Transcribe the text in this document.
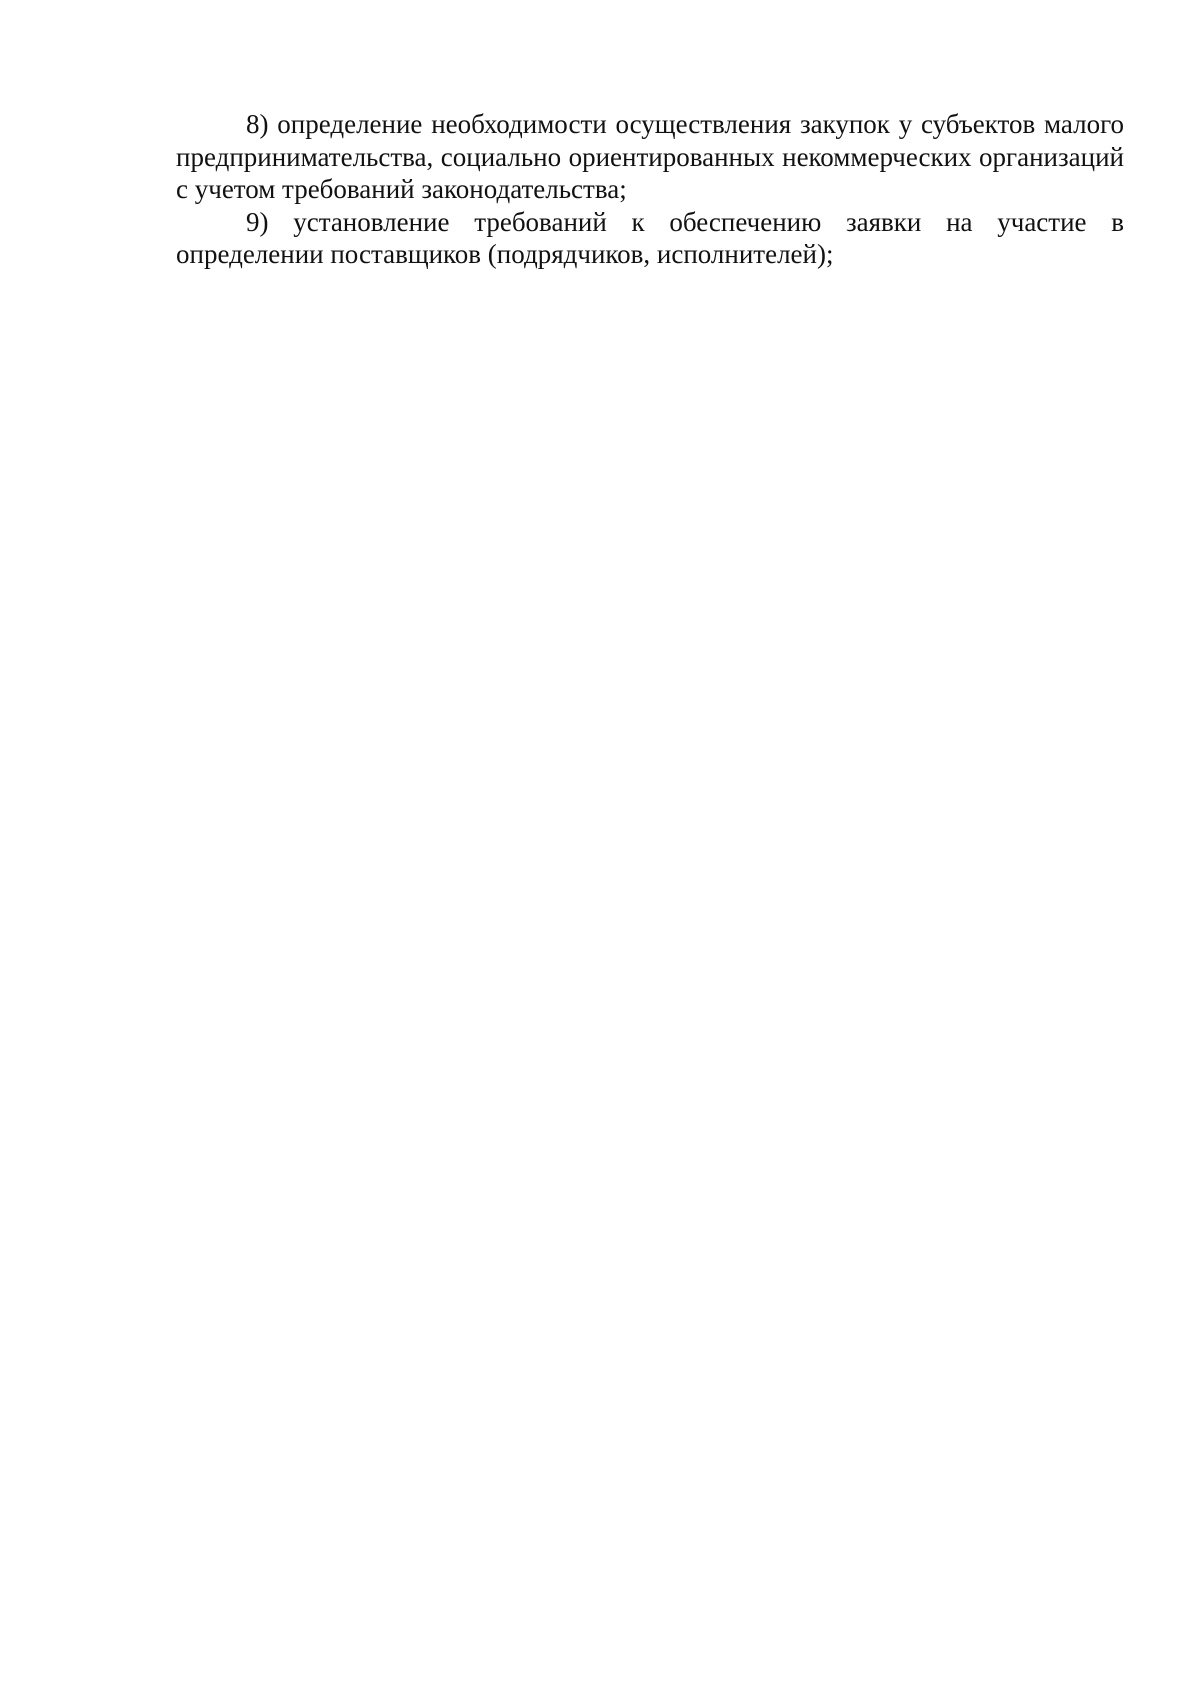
8) определение необходимости осуществления закупок у субъектов малого предпринимательства, социально ориентированных некоммерческих организаций с учетом требований законодательства;

9) установление требований к обеспечению заявки на участие в определении поставщиков (подрядчиков, исполнителей);
